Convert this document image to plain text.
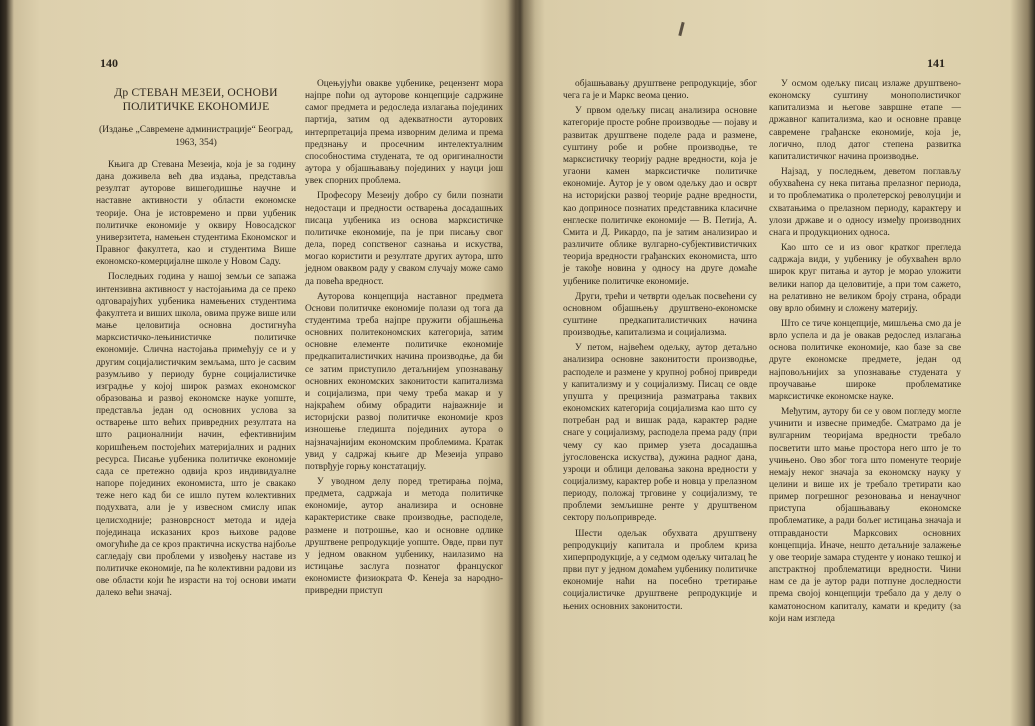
140
Др СТЕВАН МЕЗЕИ, ОСНОВИ ПОЛИТИЧКЕ ЕКОНОМИЈЕ
(Издање „Савремене администрације“ Београд, 1963, 354)

Књига др Стевана Мезеија, која је за годину дана доживела већ два издања, представља резултат ауторове вишегодишње научне и наставне активности у области економске теорије. Она је истовремено и први уџбеник политичке економије у оквиру Новосадског универзитета, намењен студентима Економског и Правног факултета, као и студентима Више економско-комерцијалне школе у Новом Саду.

Последњих година у нашој земљи се запажа интензивна активност у настојањима да се преко одговарајућих уџбеника намењених студентима факултета и виших школа, овима пруже више или мање целовитија основна достигнућа марксистичко-лењинистичке политичке економије. Слична настојања примећују се и у другим социјалистичким земљама, што је сасвим разумљиво у периоду бурне социјалистичке изградње у којој широк размах економског образовања и развој економске науке уопште, представља један од основних услова за остварење што већих привредних резултата на што рационалнији начин, ефективнијим коришћењем постојећих материјалних и радних ресурса. Писање уџбеника политичке економије сада се претежно одвија кроз индивидуалне напоре појединих економиста, што је свакако теже него кад би се ишло путем колективних подухвата, али је у извесном смислу ипак целисходније; разноврсност метода и идеја појединаца исказаних кроз њихове радове омогућиће да се кроз практична искуства најбоље сагледају сви проблеми у извођењу наставе из политичке економије, па ће колективни радови из ове области који ће израсти на тој основи имати далеко већи значај.

Оцењујући овакве уџбенике, рецензент мора најпре поћи од ауторове концепције садржине самог предмета и редоследа излагања појединих партија, затим од адекватности ауторових интерпретација према изворним делима и према предзнању и просечним интелектуалним способностима студената, те од оригиналности аутора у објашњавању појединих у науци још увек спорних проблема.

Професору Мезеију добро су били познати недостаци и предности остварења досадашњих писаца уџбеника из основа марксистичке политичке економије, па је при писању свог дела, поред сопственог сазнања и искуства, могао користити и резултате других аутора, што једном оваквом раду у сваком случају може само да повећа вредност.

Ауторова концепција наставног предмета Основи политичке економије полази од тога да студентима треба најпре пружити објашњења основних политекономских категорија, затим основне елементе политичке економије предкапиталистичких начина производње, да би се затим приступило детаљнијем упознавању основних економских законитости капитализма и социјализма, при чему треба макар и у најкраћем обиму обрадити најважније и историјски развој политичке економије кроз изношење гледишта појединих аутора о најзначајнијим економским проблемима. Кратак увид у садржај књиге др Мезеија управо потврђује горњу констатацију.

У уводном делу поред третирања појма, предмета, садржаја и метода политичке економије, аутор анализира и основне карактеристике сваке производње, расподеле, размене и потрошње, као и основне одлике друштвене репродукције уопште. Овде, први пут у једном овакном уџбенику, наилазимо на истицање заслуга познатог француског економисте физиократа Ф. Кенеја за народно-привредни приступ

141

објашњавању друштвене репродукције, због чега га је и Маркс веома ценио.

У првом одељку писац анализира основне категорије просте робне производње — појаву и развитак друштвене поделе рада и размене, суштину робе и робне производње, те марксистичку теорију радне вредности, која је угаони камен марксистичке политичке економије. Аутор је у овом одељку дао и осврт на историјски развој теорије радне вредности, као доприносе познатих представника класичне енглеске политичке економије — В. Петија, А. Смита и Д. Рикардо, па је затим анализирао и различите облике вулгарно-субјективистичких теорија вредности грађанских економиста, што је такође новина у односу на друге домаће уџбенике политичке економије.

Други, трећи и четврти одељак посвећени су основном објашњењу друштвено-економске суштине предкапиталистичких начина производње, капитализма и социјализма.

У петом, највећем одељку, аутор детаљно анализира основне законитости производње, расподеле и размене у крупној робној привреди у капитализму и у социјализму. Писац се овде упушта у прецизнија разматрања таквих економских категорија социјализма као што су потребан рад и вишак рада, карактер радне снаге у социјализму, расподела према раду (при чему су као пример узета досадашња југословенска искуства), дужина радног дана, узроци и облици деловања закона вредности у социјализму, карактер робе и новца у прелазном периоду, положај трговине у социјализму, те проблеми земљишне ренте у друштвеном сектору пољопривреде.

Шести одељак обухвата друштвену репродукцију капитала и проблем криза хиперпродукције, а у седмом одељку читалац ће први пут у једном домаћем уџбенику политичке економије наћи на посебно третирање социјалистичке друштвене репродукције и њених основних законитости.

У осмом одељку писац излаже друштвено-економску суштину монополистичког капитализма и његове завршне етапе — државног капитализма, као и основне правце савремене грађанске економије, која је, логично, плод датог степена развитка капиталистичког начина производње.

Најзад, у последњем, деветом поглављу обухваћена су нека питања прелазног периода, и то проблематика о пролетерској револуцији и схватањима о прелазном периоду, карактеру и улози државе и о односу између производних снага и продукционих односа.

Као што се и из овог кратког прегледа садржаја види, у уџбенику је обухваћен врло широк круг питања и аутор је морао уложити велики напор да целовитије, а при том сажето, на релативно не великом броју страна, обради ову врло обимну и сложену материју.

Што се тиче концепције, мишљења смо да је врло успела и да је овакав редослед излагања основа политичке економије, као базе за све друге економске предмете, један од најповољнијих за упознавање студената у проучавање широке проблематике марксистичке економске науке.

Међутим, аутору би се у овом погледу могле учинити и извесне примедбе. Сматрамо да је вулгарним теоријама вредности требало посветити што мање простора него што је то учињено. Ово због тога што поменуте теорије немају неког значаја за економску науку у целини и више их је требало третирати као пример погрешног резоновања и ненаучног приступа објашњавању економске проблематике, а ради бољег истицања значаја и отправданости Марксових основних концепција. Иначе, нешто детаљније залажење у ове теорије замара студенте у ионако тешкој и апстрактној проблематици вредности. Чини нам се да је аутор ради потпуне доследности према својој концепцији требало да у делу о каматоносном капиталу, камати и кредиту (за који нам изгледа
